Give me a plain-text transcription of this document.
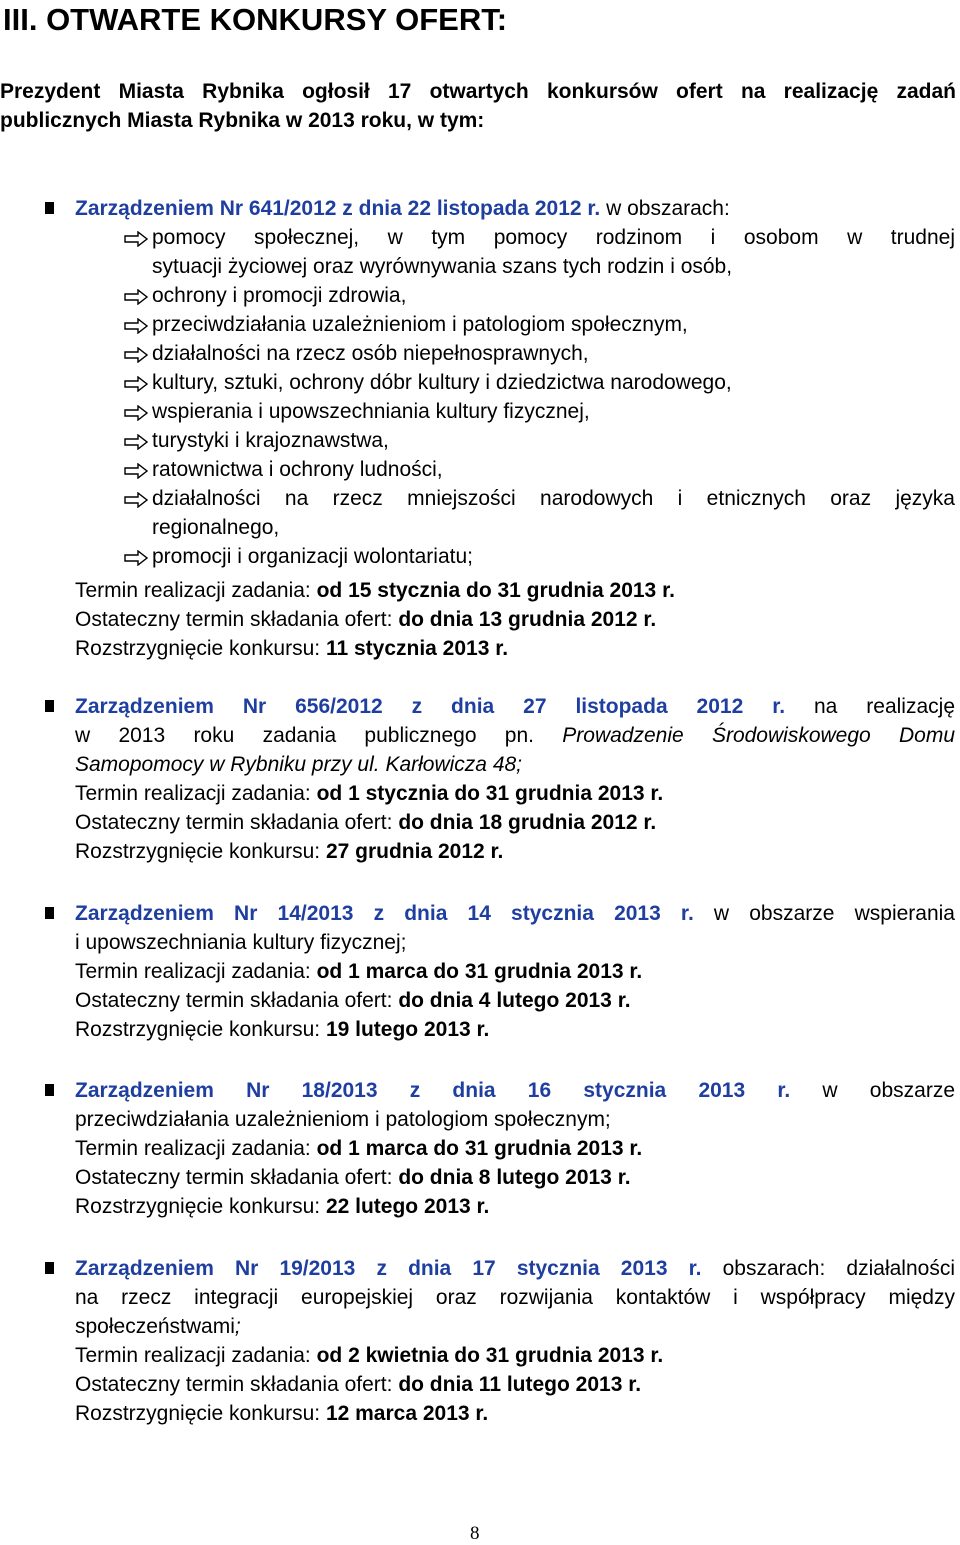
III. OTWARTE KONKURSY OFERT:
Prezydent Miasta Rybnika ogłosił 17 otwartych konkursów ofert na realizację zadań publicznych Miasta Rybnika w 2013 roku, w tym:
Zarządzeniem Nr 641/2012 z dnia 22 listopada 2012 r. w obszarach:
pomocy społecznej, w tym pomocy rodzinom i osobom w trudnej
sytuacji życiowej oraz wyrównywania szans tych rodzin i osób,
ochrony i promocji zdrowia,
przeciwdziałania uzależnieniom i patologiom społecznym,
działalności na rzecz osób niepełnosprawnych,
kultury, sztuki, ochrony dóbr kultury i dziedzictwa narodowego,
wspierania i upowszechniania kultury fizycznej,
turystyki i krajoznawstwa,
ratownictwa i ochrony ludności,
działalności na rzecz mniejszości narodowych i etnicznych oraz języka
regionalnego,
promocji i organizacji wolontariatu;
Termin realizacji zadania: od 15 stycznia do 31 grudnia 2013 r.
Ostateczny termin składania ofert: do dnia 13 grudnia 2012 r.
Rozstrzygnięcie konkursu: 11 stycznia 2013 r.
Zarządzeniem Nr 656/2012 z dnia 27 listopada 2012 r. na realizację
w 2013 roku zadania publicznego pn. Prowadzenie Środowiskowego Domu
Samopomocy w Rybniku przy ul. Karłowicza 48;
Termin realizacji zadania: od 1 stycznia do 31 grudnia 2013 r.
Ostateczny termin składania ofert: do dnia 18 grudnia 2012 r.
Rozstrzygnięcie konkursu: 27 grudnia 2012 r.
Zarządzeniem Nr 14/2013 z dnia 14 stycznia 2013 r. w obszarze wspierania
i upowszechniania kultury fizycznej;
Termin realizacji zadania: od 1 marca do 31 grudnia 2013 r.
Ostateczny termin składania ofert: do dnia 4 lutego 2013 r.
Rozstrzygnięcie konkursu: 19 lutego 2013 r.
Zarządzeniem Nr 18/2013 z dnia 16 stycznia 2013 r. w obszarze
przeciwdziałania uzależnieniom i patologiom społecznym;
Termin realizacji zadania: od 1 marca do 31 grudnia 2013 r.
Ostateczny termin składania ofert: do dnia 8 lutego 2013 r.
Rozstrzygnięcie konkursu: 22 lutego 2013 r.
Zarządzeniem Nr 19/2013 z dnia 17 stycznia 2013 r. obszarach: działalności
na rzecz integracji europejskiej oraz rozwijania kontaktów i współpracy między
społeczeństwami;
Termin realizacji zadania: od 2 kwietnia do 31 grudnia 2013 r.
Ostateczny termin składania ofert: do dnia 11 lutego 2013 r.
Rozstrzygnięcie konkursu: 12 marca 2013 r.
8
